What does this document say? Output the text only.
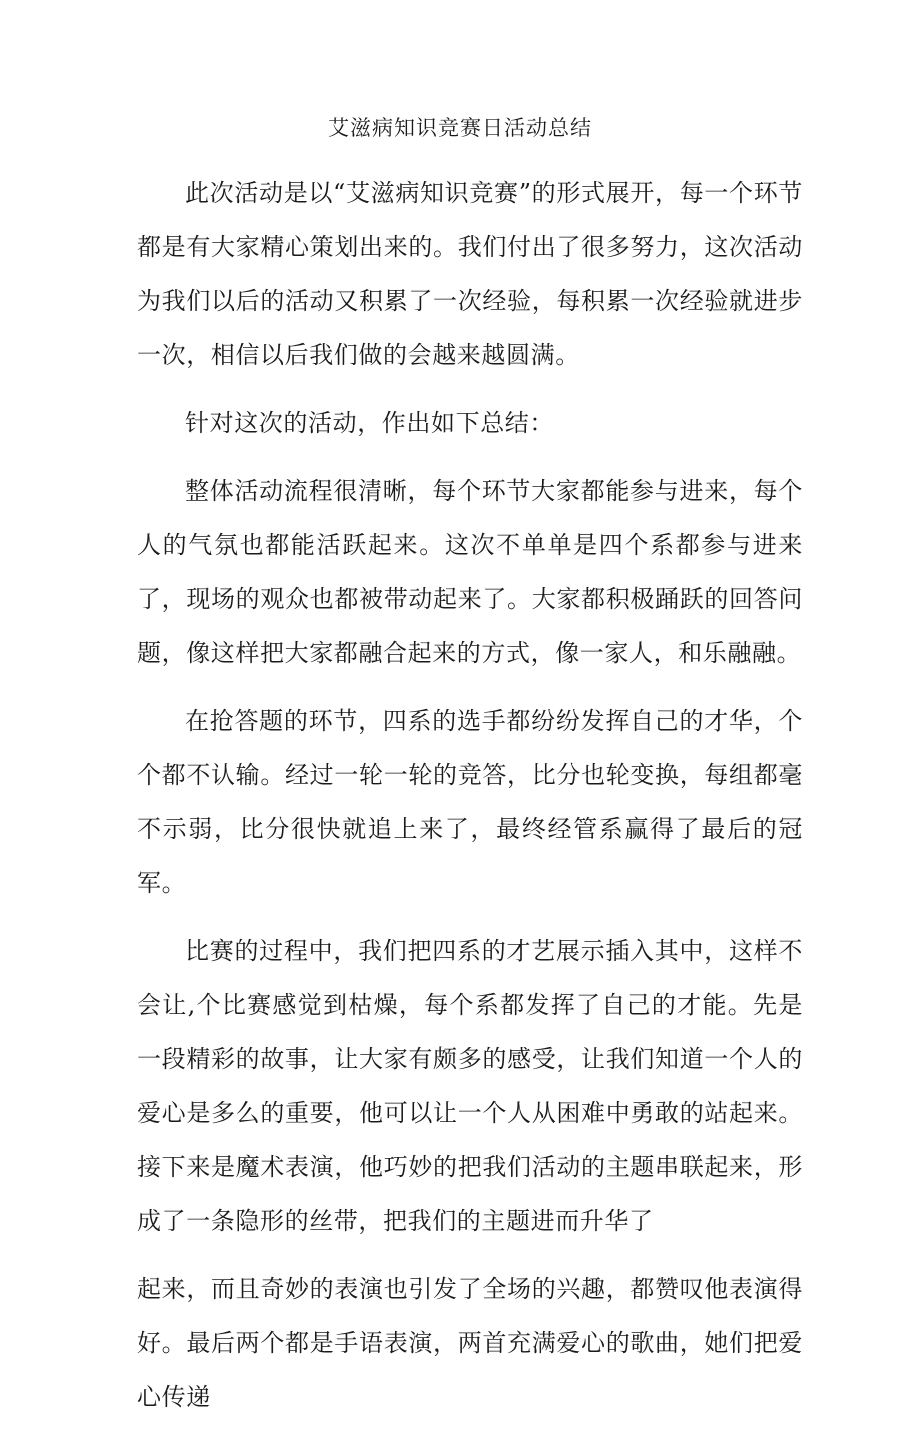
艾滋病知识竞赛日活动总结

此次活动是以“艾滋病知识竞赛”的形式展开，每一个环节都是有大家精心策划出来的。我们付出了很多努力，这次活动为我们以后的活动又积累了一次经验，每积累一次经验就进步一次，相信以后我们做的会越来越圆满。

针对这次的活动，作出如下总结：

整体活动流程很清晰，每个环节大家都能参与进来，每个人的气氛也都能活跃起来。这次不单单是四个系都参与进来了，现场的观众也都被带动起来了。大家都积极踊跃的回答问题，像这样把大家都融合起来的方式，像一家人，和乐融融。

在抢答题的环节，四系的选手都纷纷发挥自己的才华，个个都不认输。经过一轮一轮的竞答，比分也轮变换，每组都毫不示弱，比分很快就追上来了，最终经管系赢得了最后的冠军。

比赛的过程中，我们把四系的才艺展示插入其中，这样不会让,个比赛感觉到枯燥，每个系都发挥了自己的才能。先是一段精彩的故事，让大家有颇多的感受，让我们知道一个人的爱心是多么的重要，他可以让一个人从困难中勇敢的站起来。接下来是魔术表演，他巧妙的把我们活动的主题串联起来，形成了一条隐形的丝带，把我们的主题进而升华了

起来，而且奇妙的表演也引发了全场的兴趣，都赞叹他表演得好。最后两个都是手语表演，两首充满爱心的歌曲，她们把爱心传递
